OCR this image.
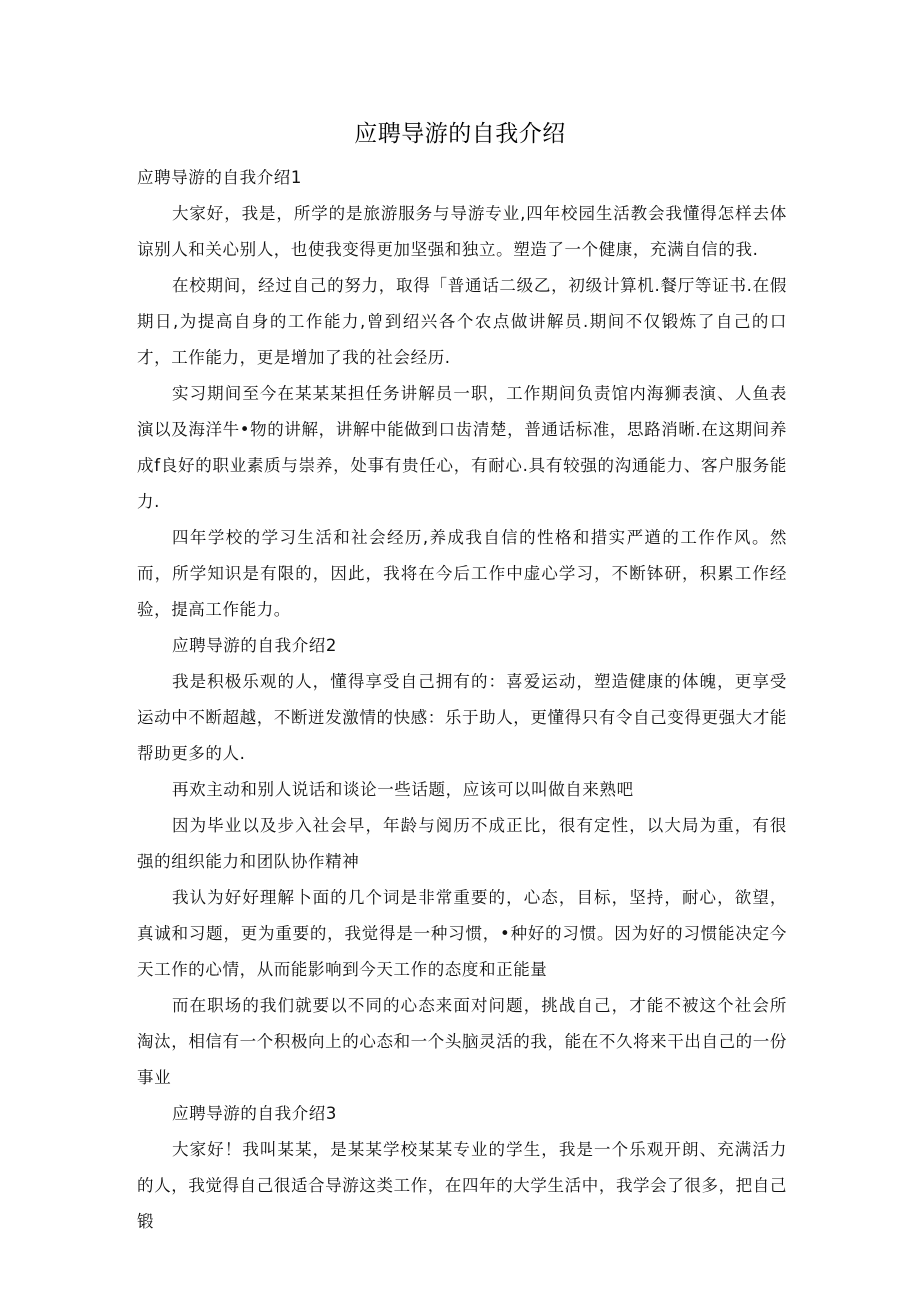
应聘导游的自我介绍

应聘导游的自我介绍1

大家好，我是，所学的是旅游服务与导游专业,四年校园生活教会我懂得怎样去体谅别人和关心别人，也使我变得更加坚强和独立。塑造了一个健康，充满自信的我.

在校期间，经过自己的努力，取得「普通话二级乙，初级计算机.餐厅等证书.在假期日,为提高自身的工作能力,曾到绍兴各个农点做讲解员.期间不仅锻炼了自己的口才，工作能力，更是增加了我的社会经历.

实习期间至今在某某某担任务讲解员一职，工作期间负责馆内海狮表演、人鱼表演以及海洋牛•物的讲解，讲解中能做到口齿清楚，普通话标准，思路消晰.在这期间养成f良好的职业素质与崇养，处事有贵任心，有耐心.具有较强的沟通能力、客户服务能力.

四年学校的学习生活和社会经历,养成我自信的性格和措实严遒的工作作风。然而，所学知识是有限的，因此，我将在今后工作中虚心学习，不断钵研，积累工作经验，提高工作能力。

应聘导游的自我介绍2

我是积极乐观的人，懂得享受自己拥有的：喜爱运动，塑造健康的体魄，更享受运动中不断超越，不断迸发激情的快感：乐于助人，更懂得只有令自己变得更强大才能帮助更多的人.

再欢主动和别人说话和谈论一些话题，应该可以叫做自来熟吧

因为毕业以及步入社会早，年龄与阅历不成正比，很有定性，以大局为重，有很强的组织能力和团队协作精神

我认为好好理解卜面的几个词是非常重要的，心态，目标，坚持，耐心，欲望，真诚和习题，更为重要的，我觉得是一种习惯，•种好的习惯。因为好的习惯能决定今天工作的心情，从而能影响到今天工作的态度和正能量

而在职场的我们就要以不同的心态来面对问题，挑战自己，才能不被这个社会所淘汰，相信有一个积极向上的心态和一个头脑灵活的我，能在不久将来干出自己的一份事业

应聘导游的自我介绍3

大家好！我叫某某，是某某学校某某专业的学生，我是一个乐观开朗、充满活力的人，我觉得自己很适合导游这类工作，在四年的大学生活中，我学会了很多，把自己锻
